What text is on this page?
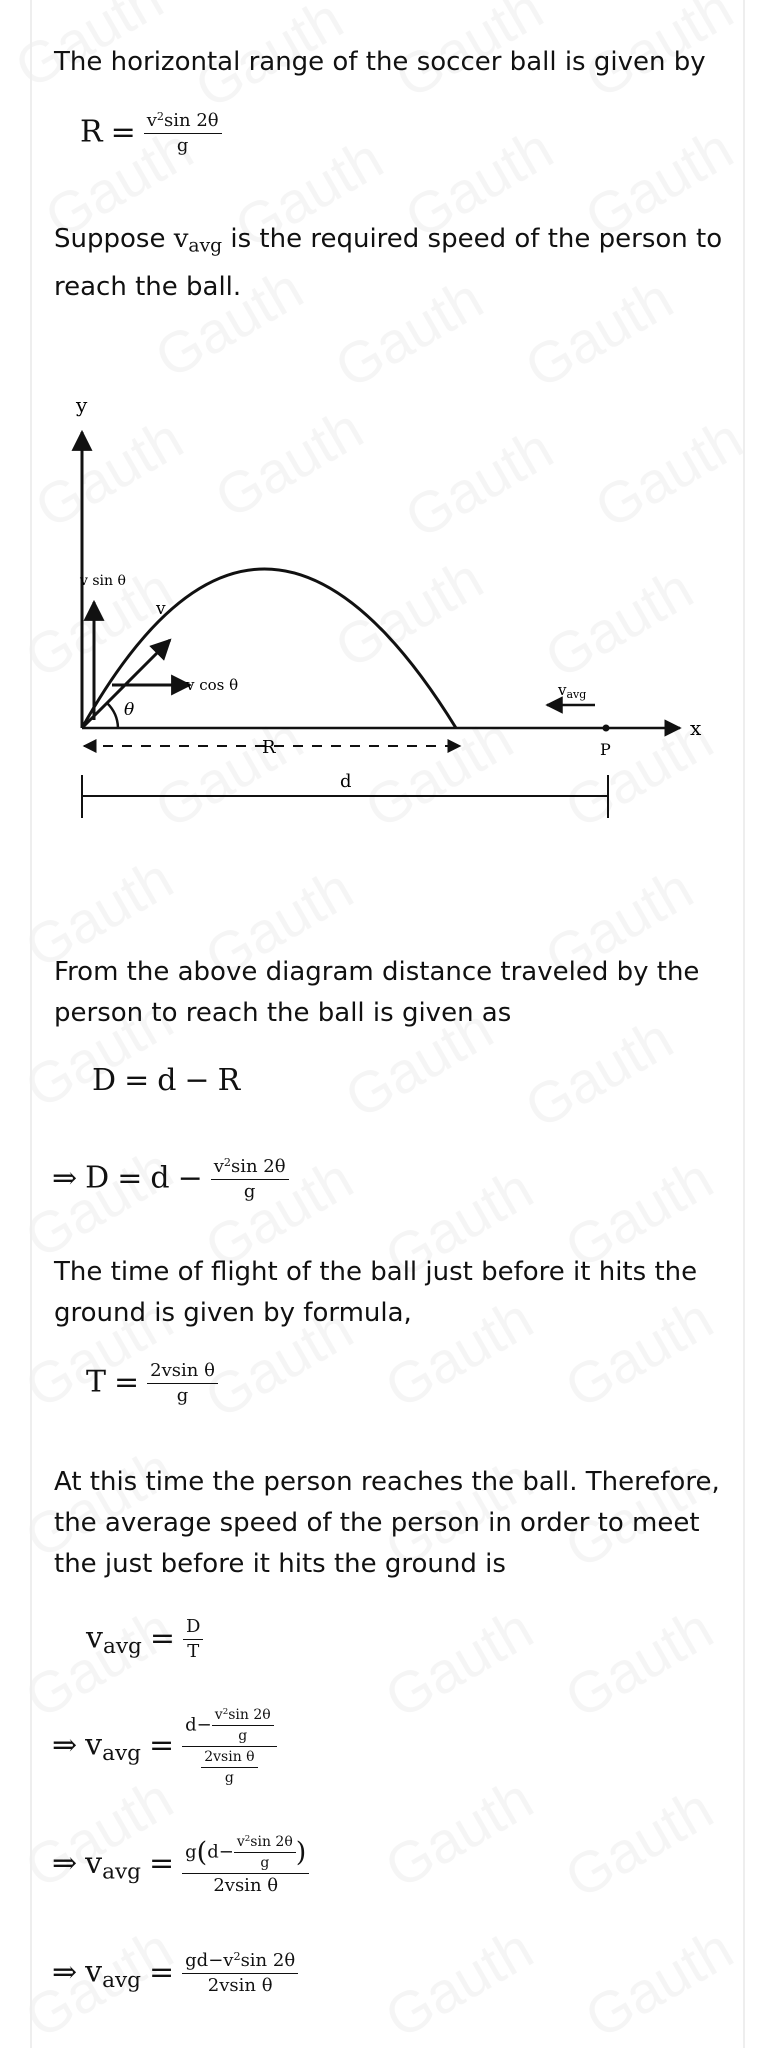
The horizontal range of the soccer ball is given by

$R = \frac{v^2\sin 2\theta}{g}$

Suppose $v_{avg}$ is the required speed of the person to reach the ball.

y
x
v
v sin θ
v cos θ
θ
R	P
$v_{avg}$
d

From the above diagram distance traveled by the person to reach the ball is given as

D = d − R
⇒ $D = d - \frac{v^2\sin 2\theta}{g}$

The time of flight of the ball just before it hits the ground is given by formula,

$T = \frac{\text{2vsin θ}}{g}$

At this time the person reaches the ball. Therefore, the average speed of the person in order to meet the just before it hits the ground is

$v_{avg} = \frac{D}{T}$
⇒ $v_{avg} = \frac{d- \frac{v^2\sin 2\theta}{g}}{\frac{\text{2vsin θ}}{g}}$
⇒ $v_{avg} = \frac{g(d- \frac{v^2\sin 2\theta}{g} )}{\text{2vsin θ}}$
⇒ $v_{avg} = \frac{gd-v^2\sin 2\theta}{\text{2vsin θ}}$
